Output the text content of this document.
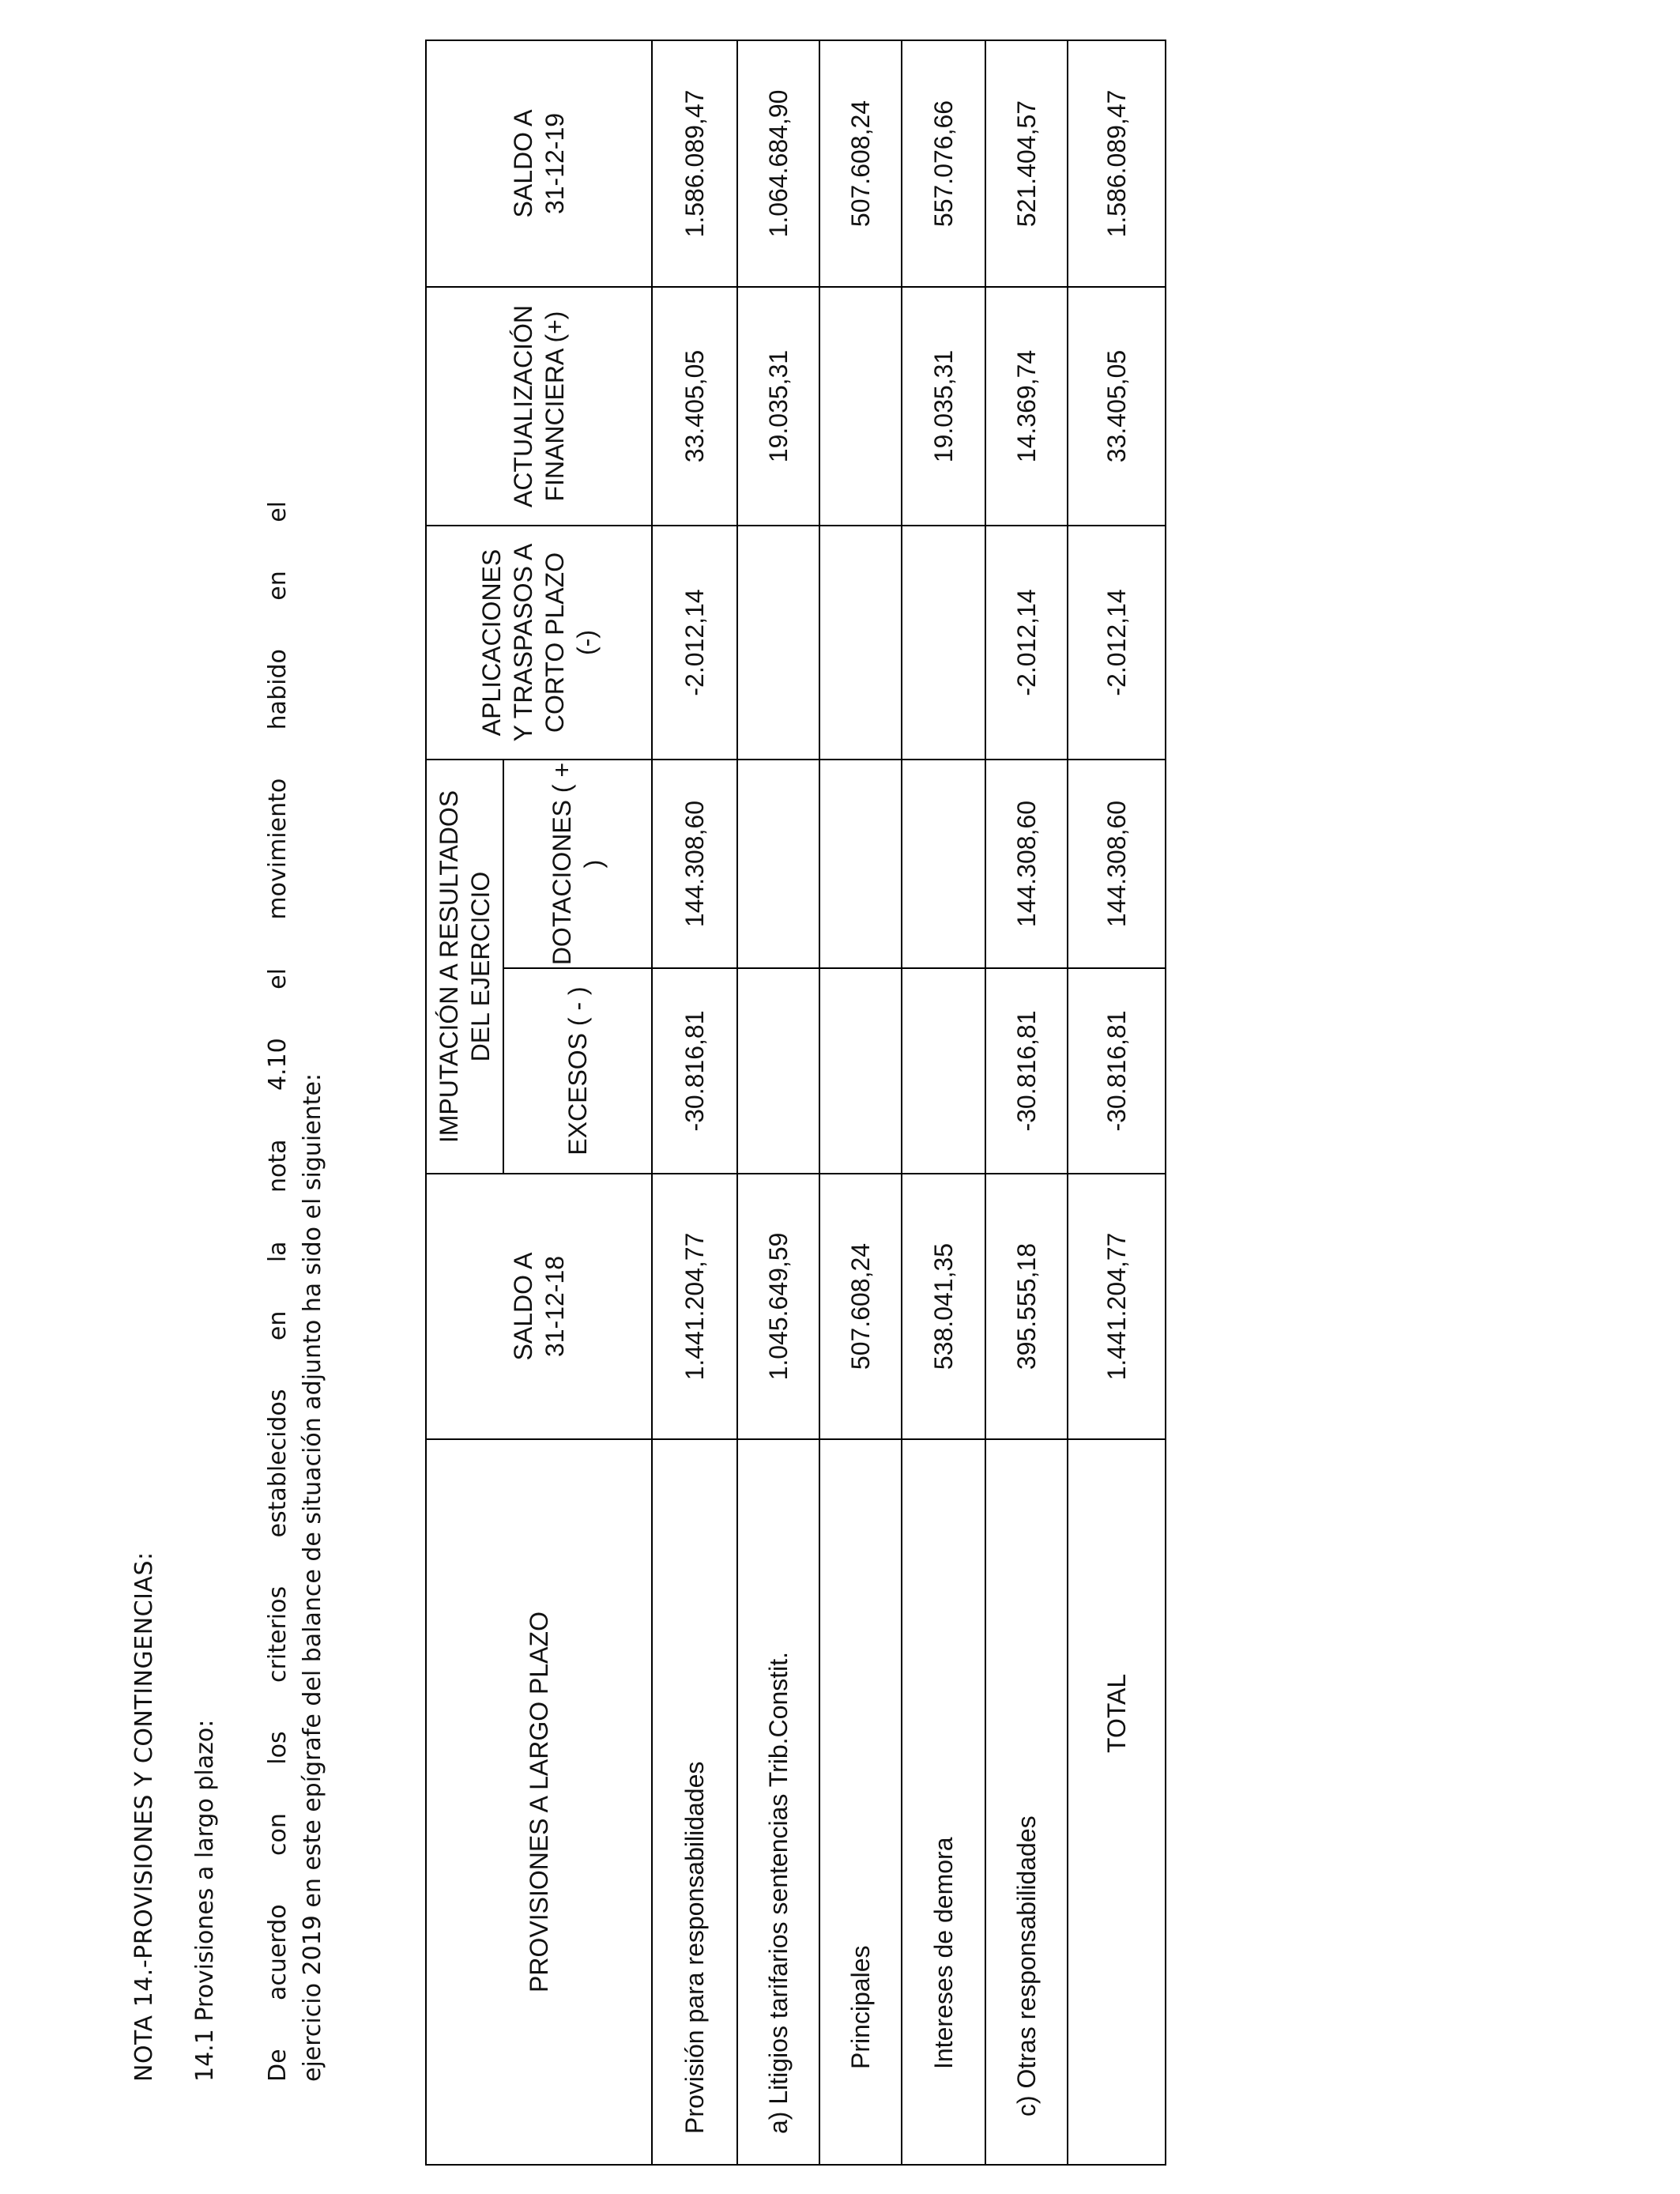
NOTA 14.-PROVISIONES Y CONTINGENCIAS: 14.1 Provisiones a largo plazo: De acuerdo con los criterios establecidos en la nota 4.10 el movimiento habido en el ejercicio 2019 en este epígrafe del balance de situación adjunto ha sido el siguiente:	PROVISIONES A LARGO PLAZO
SALDO A 31-12-18
IMPUTACIÓN A RESULTADOS DEL EJERCICIO
EXCESOS ( - )
DOTACIONES ( + )
APLICACIONES Y TRASPASOS A CORTO PLAZO (-)
ACTUALIZACIÓN FINANCIERA (+)
SALDO A 31-12-19
Provisión para responsabilidades
1.441.204,77
-30.816,81
144.308,60
-2.012,14
33.405,05
1.586.089,47
a) Litigios tarifarios sentencias Trib.Constit.
1.045.649,59
19.035,31
1.064.684,90
Principales
507.608,24
507.608,24
Intereses de demora
538.041,35
19.035,31
557.076,66
c) Otras responsabilidades
395.555,18
-30.816,81
144.308,60
-2.012,14
14.369,74
521.404,57
TOTAL
1.441.204,77
-30.816,81
144.308,60
-2.012,14
33.405,05
1.586.089,47
